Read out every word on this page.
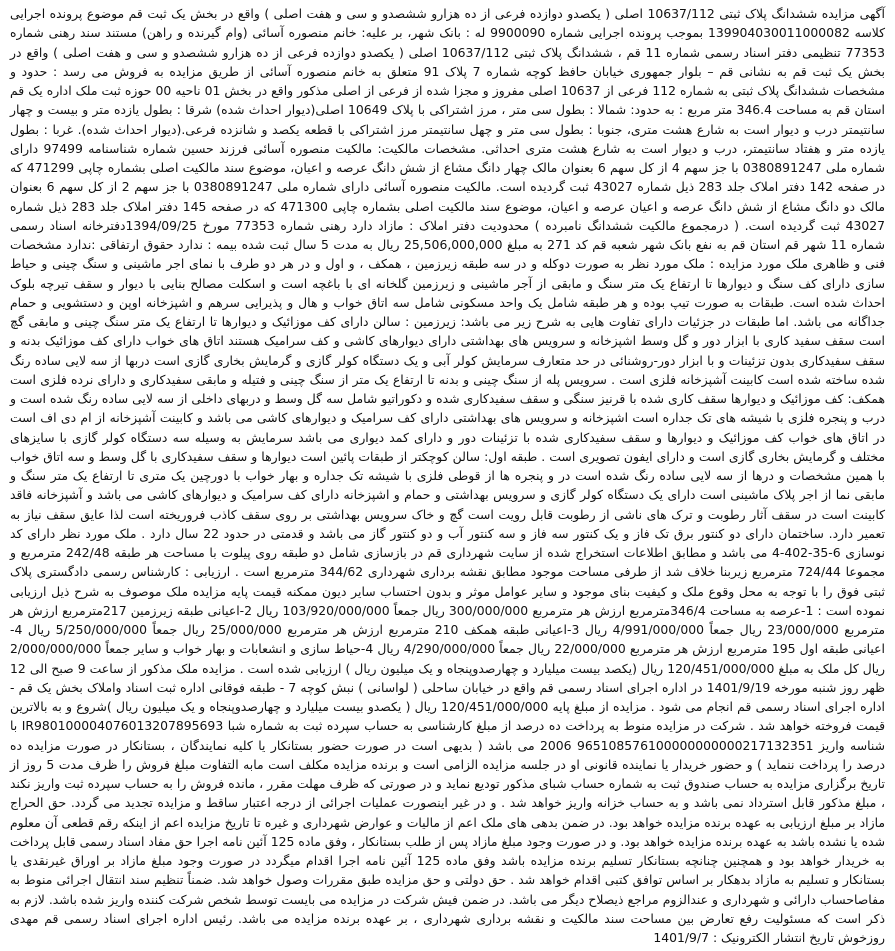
آگهی مزایده ششدانگ پلاک ثبتی 10637/112 اصلی ( یکصدو دوازده فرعی از ده هزارو ششصدو و سی و هفت اصلی ) واقع در بخش یک ثبت قم موضوع پرونده اجرایی کلاسه 139904030011000082 بموجب پرونده اجرایی شماره 9900090 له : بانک شهر، بر علیه: خانم منصوره آسائی (وام گیرنده و راهن) مستند سند رهنی شماره 77353 تنظیمی دفتر اسناد رسمی شماره 11 قم ، ششدانگ پلاک ثبتی 10637/112 اصلی ( یکصدو دوازده فرعی از ده هزارو ششصدو و سی و هفت اصلی ) واقع در بخش یک ثبت قم به نشانی قم – بلوار جمهوری خیابان حافظ کوچه شماره 7 پلاک 91 متعلق به خانم منصوره آسائی از طریق مزایده به فروش می رسد : حدود و مشخصات ششدانگ پلاک ثبتی به شماره 112 فرعی از 10637 اصلی مفروز و مجزا شده از فرعی از اصلی مذکور واقع در بخش 01 ناحیه 00 حوزه ثبت ملک اداره یک قم استان قم به مساحت 346.4 متر مربع : به حدود: شمالا : بطول سی متر ، مرز اشتراکی با پلاک 10649 اصلی(دیوار احداث شده) شرقا : بطول یازده متر و بیست و چهار سانتیمتر درب و دیوار است به شارع هشت متری، جنوبا : بطول سی متر و چهل سانتیمتر مرز اشتراکی با قطعه یکصد و شانزده فرعی.(دیوار احداث شده). غربا : بطول یازده متر و هفتاد سانتیمتر، درب و دیوار است به شارع هشت متری احداثی. مشخصات مالکیت: مالکیت منصوره آسائی فرزند حسین شماره شناسنامه 97499 دارای شماره ملی 0380891247 با جز سهم 4 از کل سهم 6 بعنوان مالک چهار دانگ مشاع از شش دانگ عرصه و اعیان، موضوع سند مالکیت اصلی بشماره چاپی 471299 که در صفحه 142 دفتر املاک جلد 283 ذیل شماره 43027 ثبت گردیده است. مالکیت منصوره آسائی دارای شماره ملی 0380891247 با جز سهم 2 از کل سهم 6 بعنوان مالک دو دانگ مشاع از شش دانگ عرصه و اعیان عرصه و اعیان، موضوع سند مالکیت اصلی بشماره چاپی 471300 که در صفحه 145 دفتر املاک جلد 283 ذیل شماره 43027 ثبت گردیده است. ( درمجموع مالکیت ششدانگ نامبرده ) محدودیت دفتر املاک : مازاد دارد رهنی شماره 77353 مورخ 1394/09/25دفترخانه اسناد رسمی شماره 11 شهر قم استان قم به نفع بانک شهر شعبه قم کد 271 به مبلغ 25,506,000,000 ریال به مدت 5 سال ثبت شده بیمه : ندارد حقوق ارتفاقی :ندارد مشخصات فنی و ظاهری ملک مورد مزایده : ملک مورد نظر به صورت دوکله و در سه طبقه زیرزمین ، همکف ، و اول و در هر دو طرف با نمای اجر ماشینی و سنگ چینی و حیاط سازی دارای کف سنگ و دیوارها تا ارتفاع یک متر سنگ و مابقی از آجر ماشینی و زیرزمین گلخانه ای با باغچه است و اسکلت مصالح بنایی با دیوار و سقف تیرچه بلوک احداث شده است. طبقات به صورت تیپ بوده و هر طبقه شامل یک واحد مسکونی شامل سه اتاق خواب و هال و پذیرایی سرهم و اشپزخانه اوپن و دستشویی و حمام جداگانه می باشد. اما طبقات در جزئیات دارای تفاوت هایی به شرح زیر می باشد: زیرزمین : سالن دارای کف موزائیک و دیوارها تا ارتفاع یک متر سنگ چینی و مابقی گچ است سقف سفید کاری با ابزار دور و گل وسط اشپزخانه و سرویس های بهداشتی دارای دیوارهای کاشی و کف سرامیک هستند اتاق های خواب دارای کف موزائیک بدنه و سقف سفیدکاری بدون تزئینات و با ابزار دور-روشنائی در حد متعارف سرمایش کولر آبی و یک دستگاه کولر گازی و گرمایش بخاری گازی است دربها از سه لایی ساده رنگ شده ساخته شده است کابینت آشپزخانه فلزی است . سرویس پله از سنگ چینی و بدنه تا ارتفاع یک متر از سنگ چینی و فتیله و مابقی سفیدکاری و دارای نرده فلزی است همکف: کف موزائیک و دیوارها سقف کاری شده با قرنیز سنگی و سقف سفیدکاری شده و دکوراتیو شامل سه گل وسط و دربهای داخلی از سه لایی ساده رنگ شده است و درب و پنجره فلزی با شیشه های تک جداره است اشپزخانه و سرویس های بهداشتی دارای کف سرامیک و دیوارهای کاشی می باشد و کابینت آشپزخانه از ام دی اف است در اتاق های خواب کف موزائیک و دیوارها و سقف سفیدکاری شده با تزئینات دور و دارای کمد دیواری می باشد سرمایش به وسیله سه دستگاه کولر گازی با سایزهای مختلف و گرمایش بخاری گازی است و دارای ایفون تصویری است . طبقه اول: سالن کوچکتر از طبقات پائین است دیوارها و سقف سفیدکاری با گل وسط و سه اتاق خواب با همین مشخصات و درها از سه لایی ساده رنگ شده است در و پنجره ها از قوطی فلزی با شیشه تک جداره و بهار خواب با دورچین یک متری تا ارتفاع یک متر سنگ و مابقی نما از اجر پلاک ماشینی است دارای یک دستگاه کولر گازی و سرویس بهداشتی و حمام و اشپزخانه دارای کف سرامیک و دیوارهای کاشی می باشد و آشپزخانه فاقد کابینت است در سقف آثار رطوبت و ترک های ناشی از رطوبت قابل رویت است گچ و خاک سرویس بهداشتی بر روی سقف کاذب فروریخته است لذا عایق سقف نیاز به تعمیر دارد. ساختمان دارای دو کنتور برق تک فاز و یک کنتور سه فاز و سه کنتور آب و دو کنتور گاز می باشد و قدمتی در حدود 22 سال دارد . ملک مورد نظر دارای کد نوسازی 6-35-402-4 می باشد و مطابق اطلاعات استخراج شده از سایت شهرداری قم در بازسازی شامل دو طبقه روی پیلوت با مساحت هر طبقه 242/48 مترمربع و مجموعا 724/44 مترمربع زیربنا خلاف شد از طرفی مساحت موجود مطابق نقشه برداری شهرداری 344/62 مترمربع است . ارزیابی : کارشناس رسمی دادگستری پلاک ثبتی فوق را با توجه به محل وقوع ملک و کیفیت بنای موجود و سایر عوامل موثر و بدون احتساب سایر دیون ممکنه قیمت پایه مزایده ملک موصوف به شرح ذیل ارزیابی نموده است : 1-عرصه به مساحت 346/4مترمربع ارزش هر مترمربع 300/000/000 ریال جمعاً 103/920/000/000 ریال 2-اعیانی طبقه زیرزمین 217مترمربع ارزش هر مترمربع 23/000/000 ریال جمعاً 4/991/000/000 ریال 3-اعیانی طبقه همکف 210 مترمربع ارزش هر مترمربع 25/000/000 ریال جمعاً 5/250/000/000 ریال 4-اعیانی طبقه اول 195 مترمربع ارزش هر مترمربع 22/000/000 ریال جمعاً 4/290/000/000 ریال 4-حیاط سازی و انشعابات و بهار خواب و سایر جمعاً 2/000/000/000 ریال کل ملک به مبلغ 120/451/000/000 ریال (یکصد بیست میلیارد و چهارصدوپنجاه و یک میلیون ریال ) ارزیابی شده است . مزایده ملک مذکور از ساعت 9 صبح الی 12 ظهر روز شنبه مورخه 1401/9/19 در اداره اجرای اسناد رسمی قم واقع در خیابان ساحلی ( لواسانی ) نبش کوچه 7 - طبقه فوقانی اداره ثبت اسناد واملاک بخش یک قم - اداره اجرای اسناد رسمی قم انجام می شود . مزایده از مبلغ پایه 120/451/000/000 ریال ( یکصدو بیست میلیارد و چهارصدوپنجاه و یک میلیون ریال )شروع و به بالاترین قیمت فروخته خواهد شد . شرکت در مزایده منوط به پرداخت ده درصد از مبلغ کارشناسی به حساب سپرده ثبت به شماره شبا IR980100004076013207895693 با شناسه واریز 965108576100000000000217132351 2006 می باشد ( بدیهی است در صورت حضور بستانکار یا کلیه نمایندگان ، بستانکار در صورت مزایده ده درصد را پرداخت ننماید ) و حضور خریدار یا نماینده قانونی او در جلسه مزایده الزامی است و برنده مزایده مکلف است مابه التفاوت مبلغ فروش را ظرف مدت 5 روز از تاریخ برگزاری مزایده به حساب صندوق ثبت به شماره حساب شبای مذکور تودیع نماید و در صورتی که ظرف مهلت مقرر ، مانده فروش را به حساب سپرده ثبت واریز نکند ، مبلغ مذکور قابل استرداد نمی باشد و به حساب خزانه واریز خواهد شد . و در غیر اینصورت عملیات اجرائی از درجه اعتبار ساقط و مزایده تجدید می گردد. حق الحراج مازاد بر مبلغ ارزیابی به عهده برنده مزایده خواهد بود. در ضمن بدهی های ملک اعم از مالیات و عوارض شهرداری و غیره تا تاریخ مزایده اعم از اینکه رقم قطعی آن معلوم شده یا نشده باشد به عهده برنده مزایده خواهد بود. و در صورت وجود مبلغ مازاد پس از طلب بستانکار ، وفق ماده 125 آئین نامه اجرا حق مفاد اسناد رسمی قابل پرداخت به خریدار خواهد بود و همچنین چنانچه بستانکار تسلیم برنده مزایده باشد وفق ماده 125 آئین نامه اجرا اقدام میگردد در صورت وجود مبلغ مازاد بر اوراق غیرنقدی یا بستانکار و تسلیم به مازاد بدهکار بر اساس توافق کتبی اقدام خواهد شد . حق دولتی و حق مزایده طبق مقررات وصول خواهد شد. ضمناً تنظیم سند انتقال اجرائی منوط به مفاصاحساب دارائی و شهرداری و عندالزوم مراجع ذیصلاح دیگر می باشد. در ضمن فیش شرکت در مزایده می بایست توسط شخص شرکت کننده واریز شده باشد. لازم به ذکر است که مسئولیت رفع تعارض بین مساحت سند مالکیت و نقشه برداری شهرداری ، بر عهده برنده مزایده می باشد. رئیس اداره اجرای اسناد رسمی قم مهدی روزخوش تاریخ انتشار الکترونیک : 1401/9/7
